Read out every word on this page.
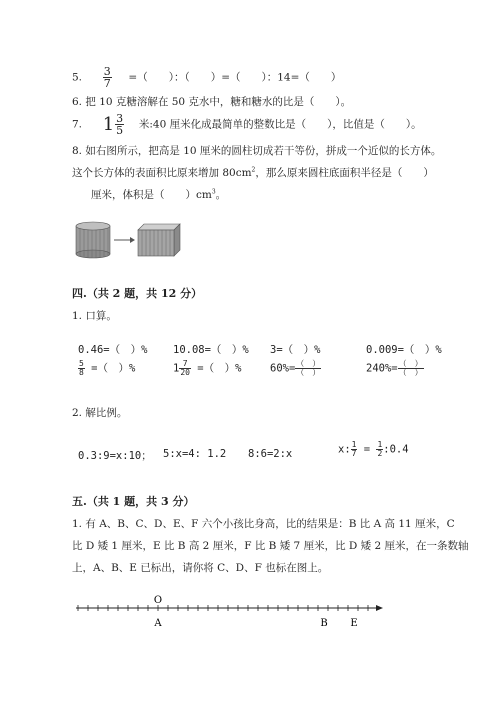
5. $\frac{3}{7}$ =（　　）：（　　）=（　　）：14=（　　）
6. 把 10 克糖溶解在 50 克水中，糖和糖水的比是（　　）。
7. $1 \frac{3}{5}$ 米:40 厘米化成最简单的整数比是（　　），比值是（　　）。
8. 如右图所示，把高是 10 厘米的圆柱切成若干等份，拼成一个近似的长方体。
这个长方体的表面积比原来增加 $80cm^2$，那么原来圆柱底面积半径是（　　）
厘米，体积是（　　）$cm^3$。
四.（共 2 题，共 12 分）
1. 口算。
0.46=（　）% 10.08=（　）% 3=（　）%	0.009=（　）%
$\frac{5}{8}$ =（　）%	$1 \frac{7}{20}$ =（　）%	$60\%= \frac{( )}{( )}$	$240\%= \frac{( )}{( )}$
2. 解比例。
0.3:9=x:10； 5:x=4: 1.2 8:6=2:x	x: $\frac{1}{7} = \frac{1}{2}$ :0.4
五.（共 1 题，共 3 分）
1. 有 A、B、C、D、E、F 六个小孩比身高，比的结果是：B 比 A 高 11 厘米，C
比 D 矮 1 厘米，E 比 B 高 2 厘米，F 比 B 矮 7 厘米，比 D 矮 2 厘米，在一条数轴
上，A、B、E 已标出，请你将 C、D、F 也标在图上。
O
A	B E
